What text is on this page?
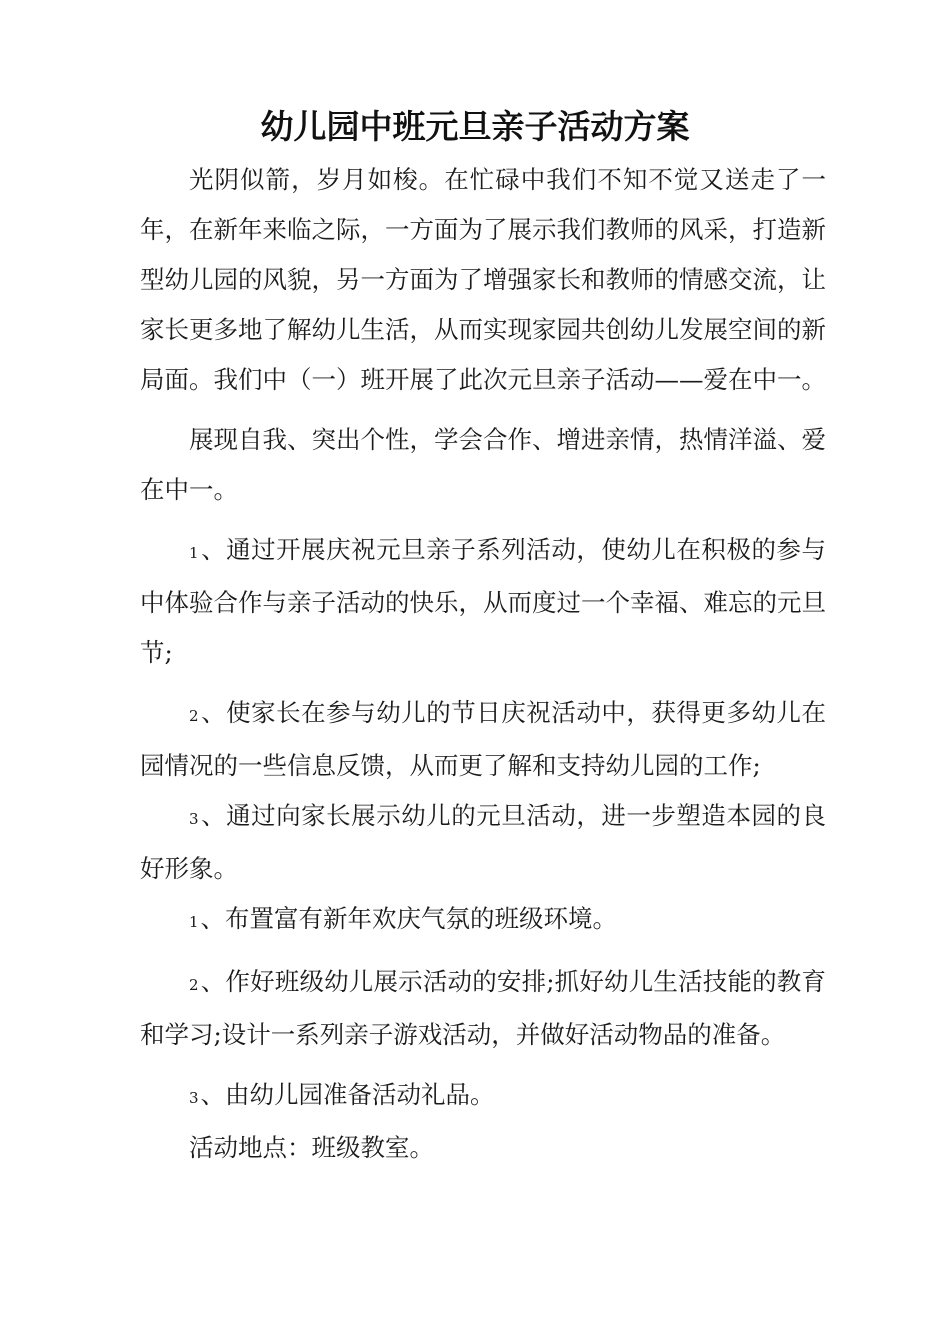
幼儿园中班元旦亲子活动方案

光阴似箭，岁月如梭。在忙碌中我们不知不觉又送走了一年，在新年来临之际，一方面为了展示我们教师的风采，打造新型幼儿园的风貌，另一方面为了增强家长和教师的情感交流，让家长更多地了解幼儿生活，从而实现家园共创幼儿发展空间的新局面。我们中（一）班开展了此次元旦亲子活动——爱在中一。

展现自我、突出个性，学会合作、增进亲情，热情洋溢、爱在中一。

1、通过开展庆祝元旦亲子系列活动，使幼儿在积极的参与中体验合作与亲子活动的快乐，从而度过一个幸福、难忘的元旦节;

2、使家长在参与幼儿的节日庆祝活动中，获得更多幼儿在园情况的一些信息反馈，从而更了解和支持幼儿园的工作;

3、通过向家长展示幼儿的元旦活动，进一步塑造本园的良好形象。

1、布置富有新年欢庆气氛的班级环境。

2、作好班级幼儿展示活动的安排;抓好幼儿生活技能的教育和学习;设计一系列亲子游戏活动，并做好活动物品的准备。

3、由幼儿园准备活动礼品。

活动地点：班级教室。
